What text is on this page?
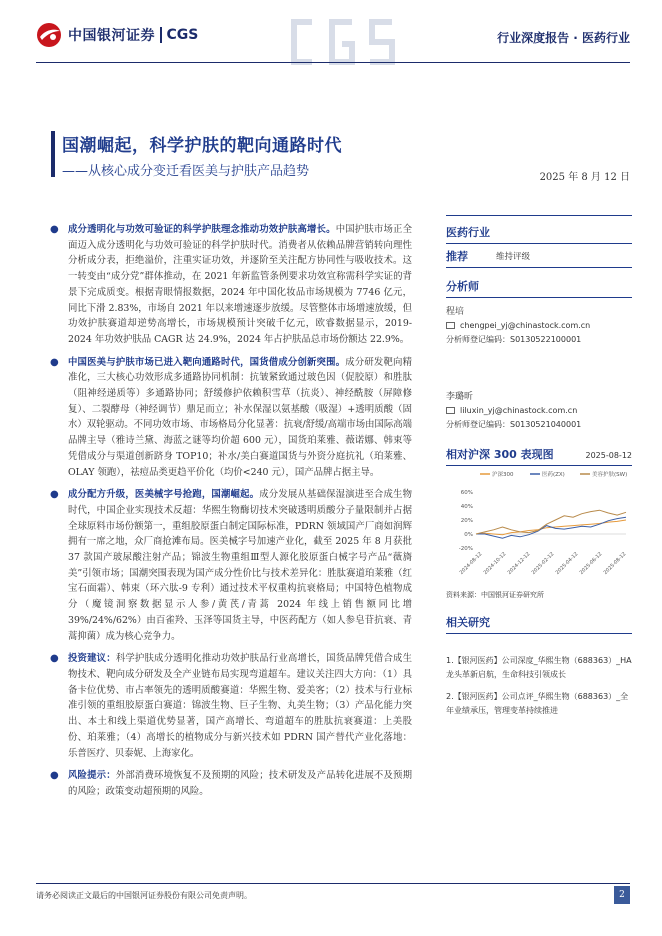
中国银河证券 CGS	行业深度报告 · 医药行业
国潮崛起，科学护肤的靶向通路时代
——从核心成分变迁看医美与护肤产品趋势	2025 年 8 月 12 日
● 成分透明化与功效可验证的科学护肤理念推动功效护肤高增长。中国护肤市场正全面迈入成分透明化与功效可验证的科学护肤时代。消费者从依赖品牌营销转向理性分析成分表，拒绝溢价，注重实证功效，并逐阶至关注配方协同性与吸收技术。这一转变由“成分党”群体推动，在 2021 年新监管条例要求功效宣称需科学实证的背景下完成质变。根据青眼情报数据，2024 年中国化妆品市场规模为 7746 亿元，同比下滑 2.83%，市场自 2021 年以来增速逐步放缓。尽管整体市场增速放缓，但功效护肤赛道却逆势高增长，市场规模预计突破千亿元，欧睿数据显示，2019-2024 年功效护肤品 CAGR 达 24.9%，2024 年占护肤品总市场份额达 22.9%。
● 中国医美与护肤市场已进入靶向通路时代，国货借成分创新突围。成分研发靶向精准化，三大核心功效形成多通路协同机制：抗皱紧致通过玻色因（促胶原）和胜肽（阻神经递质等）多通路协同；舒缓修护依赖积雪草（抗炎）、神经酰胺（屏障修复）、二裂酵母（神经调节）鼎足而立；补水保湿以氨基酸（吸湿）+透明质酸（固水）双轮驱动。不同功效市场、市场格局分化显著：抗衰/舒缓/高端市场由国际高端品牌主导（雅诗兰黛、海蓝之谜等均价超 600 元），国货珀莱雅、薇诺娜、韩束等凭借成分与渠道创新跻身 TOP10；补水/美白赛道国货与外资分庭抗礼（珀莱雅、OLAY 领跑），祛痘品类更趋平价化（均价<240 元），国产品牌占据主导。
● 成分配方升级，医美械字号抢跑，国潮崛起。成分发展从基础保湿演进至合成生物时代，中国企业实现技术反超：华熙生物酶切技术突破透明质酸分子量限制并占据全球原料市场份额第一，重组胶原蛋白制定国际标准，PDRN 领域国产厂商如润辉拥有一席之地，众厂商抢滩布局。医美械字号加速产业化，截至 2025 年 8 月获批 37 款国产玻尿酸注射产品；锦波生物重组Ⅲ型人源化胶原蛋白械字号产品“薇旖美”引领市场；国潮突围表现为国产成分性价比与技术差异化：胜肽赛道珀莱雅（红宝石面霜）、韩束（环六肽-9 专利）通过技术平权重构抗衰格局；中国特色植物成分（魔镜洞察数据显示人参/黄芪/青蒿 2024 年线上销售额同比增 39%/24%/62%）由百雀羚、玉泽等国货主导，中医药配方（如人参皂苷抗衰、青蒿抑菌）成为核心竞争力。
● 投资建议：科学护肤成分透明化推动功效护肤品行业高增长，国货品牌凭借合成生物技术、靶向成分研发及全产业链布局实现弯道超车。建议关注四大方向：（1）具备卡位优势、市占率领先的透明质酸赛道：华熙生物、爱美客；（2）技术与行业标准引领的重组胶原蛋白赛道：锦波生物、巨子生物、丸美生物；（3）产品化能力突出、本土和线上渠道优势显著，国产高增长、弯道超车的胜肽抗衰赛道：上美股份、珀莱雅；（4）高增长的植物成分与新兴技术如 PDRN 国产替代产业化落地：乐普医疗、贝泰妮、上海家化。
● 风险提示：外部消费环境恢复不及预期的风险；技术研发及产品转化进展不及预期的风险；政策变动超预期的风险。
医药行业
推荐	维持评级
分析师
程培
chengpei_yj@chinastock.com.cn
分析师登记编码：S0130522100001
李璐昕
liluxin_yj@chinastock.com.cn
分析师登记编码：S0130521040001
相对沪深 300 表现图	2025-08-12
沪深300	医药(ZX)	美容护肤(SW)
60%
40%
20%
0%
-20%
2024-08-12 2024-10-12 2024-12-12 2025-02-12 2025-04-12 2025-06-12 2025-08-12
资料来源：中国银河证券研究所
相关研究
1.【银河医药】公司深度_华熙生物（688363）_HA 龙头革新启航，生命科技引领成长
2.【银河医药】公司点评_华熙生物（688363）_全年业绩承压，管理变革持续推进
请务必阅读正文最后的中国银河证券股份有限公司免责声明。	2
